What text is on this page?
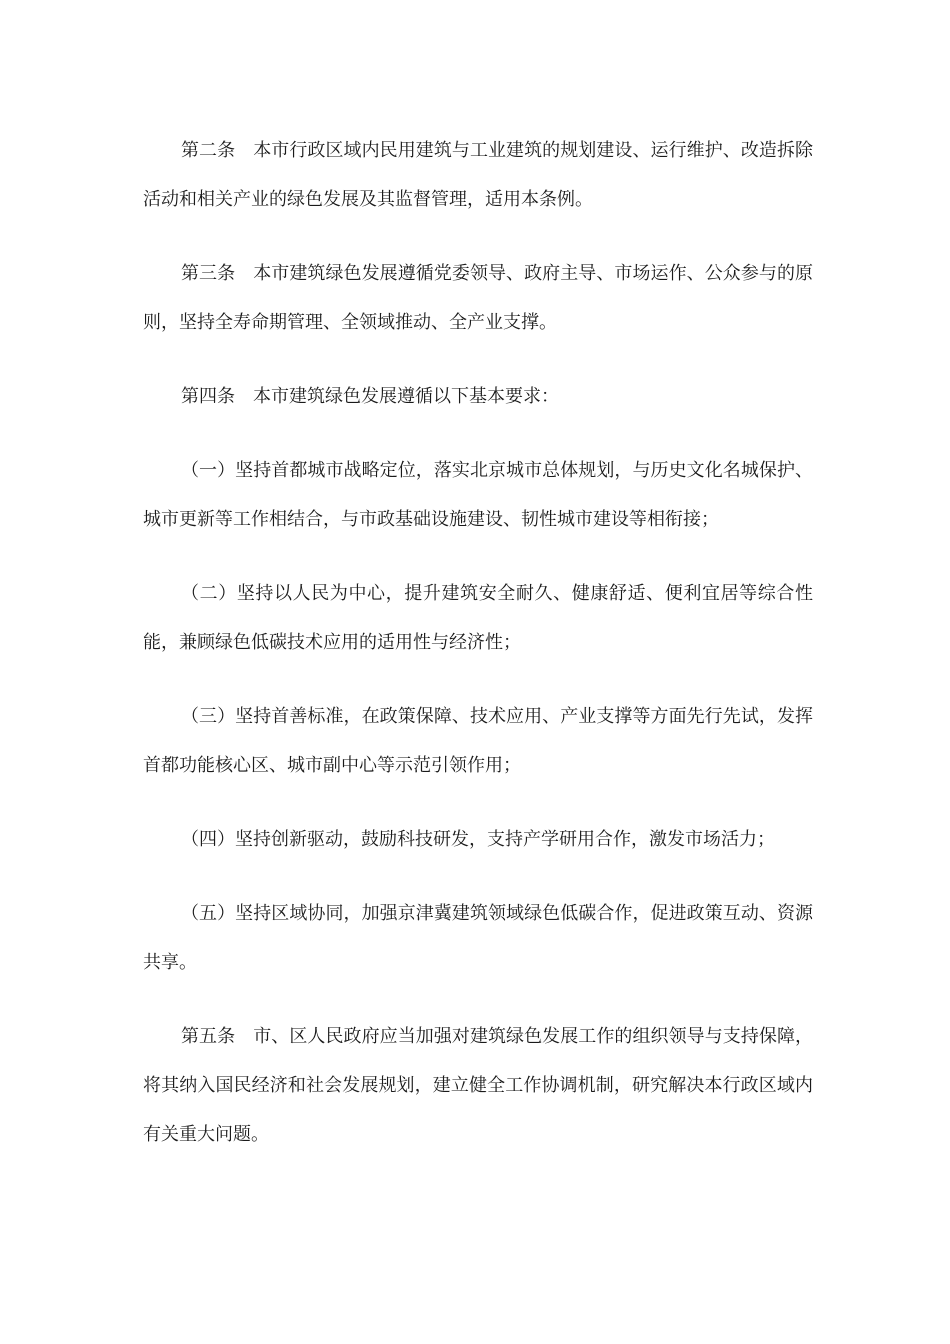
第二条　本市行政区域内民用建筑与工业建筑的规划建设、运行维护、改造拆除活动和相关产业的绿色发展及其监督管理，适用本条例。

第三条　本市建筑绿色发展遵循党委领导、政府主导、市场运作、公众参与的原则，坚持全寿命期管理、全领域推动、全产业支撑。

第四条　本市建筑绿色发展遵循以下基本要求：

（一）坚持首都城市战略定位，落实北京城市总体规划，与历史文化名城保护、城市更新等工作相结合，与市政基础设施建设、韧性城市建设等相衔接；

（二）坚持以人民为中心，提升建筑安全耐久、健康舒适、便利宜居等综合性能，兼顾绿色低碳技术应用的适用性与经济性；

（三）坚持首善标准，在政策保障、技术应用、产业支撑等方面先行先试，发挥首都功能核心区、城市副中心等示范引领作用；

（四）坚持创新驱动，鼓励科技研发，支持产学研用合作，激发市场活力；

（五）坚持区域协同，加强京津冀建筑领域绿色低碳合作，促进政策互动、资源共享。

第五条　市、区人民政府应当加强对建筑绿色发展工作的组织领导与支持保障，将其纳入国民经济和社会发展规划，建立健全工作协调机制，研究解决本行政区域内有关重大问题。
